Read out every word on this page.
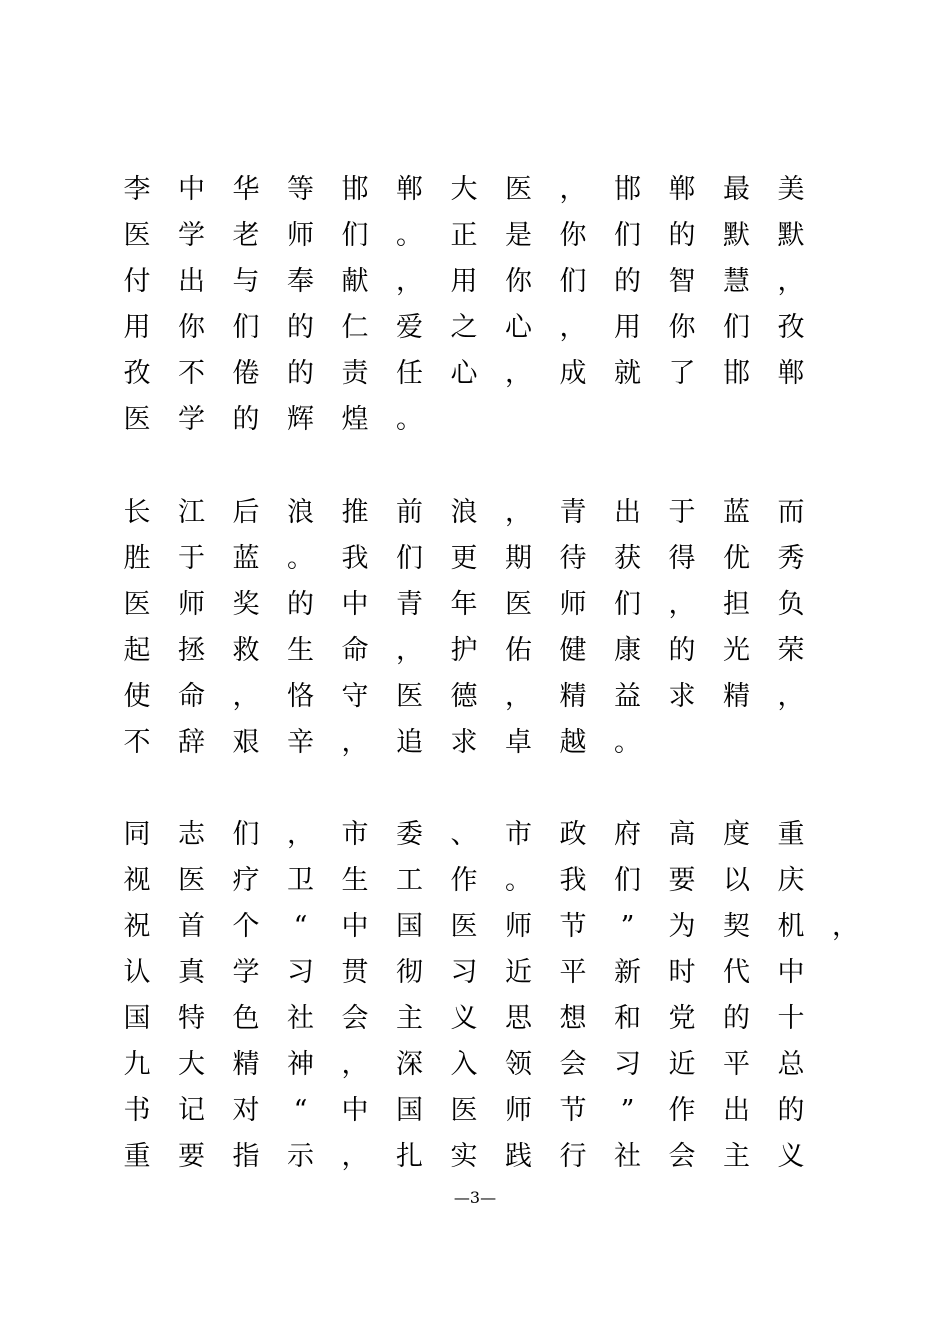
李 中 华 等 邯 郸 大 医 ， 邯 郸 最 美
医 学 老 师 们 。 正 是 你 们 的 默 默
付 出 与 奉 献 ， 用 你 们 的 智 慧 ，
用 你 们 的 仁 爱 之 心 ， 用 你 们 孜
孜 不 倦 的 责 任 心 ， 成 就 了 邯 郸
医 学 的 辉 煌 。
长 江 后 浪 推 前 浪 ， 青 出 于 蓝 而
胜 于 蓝 。 我 们 更 期 待 获 得 优 秀
医 师 奖 的 中 青 年 医 师 们 ， 担 负
起 拯 救 生 命 ， 护 佑 健 康 的 光 荣
使 命 ， 恪 守 医 德 ， 精 益 求 精 ，
不 辞 艰 辛 ， 追 求 卓 越 。
同 志 们 ， 市 委 、 市 政 府 高 度 重
视 医 疗 卫 生 工 作 。 我 们 要 以 庆
祝 首 个	“	中 国 医 师 节	”	为 契 机 ，
认 真 学 习 贯 彻 习 近 平 新 时 代 中
国 特 色 社 会 主 义 思 想 和 党 的 十
九 大 精 神 ， 深 入 领 会 习 近 平 总
书 记 对	“	中 国 医 师 节	”	作 出 的
重 要 指 示 ， 扎 实 践 行 社 会 主 义
—3—
